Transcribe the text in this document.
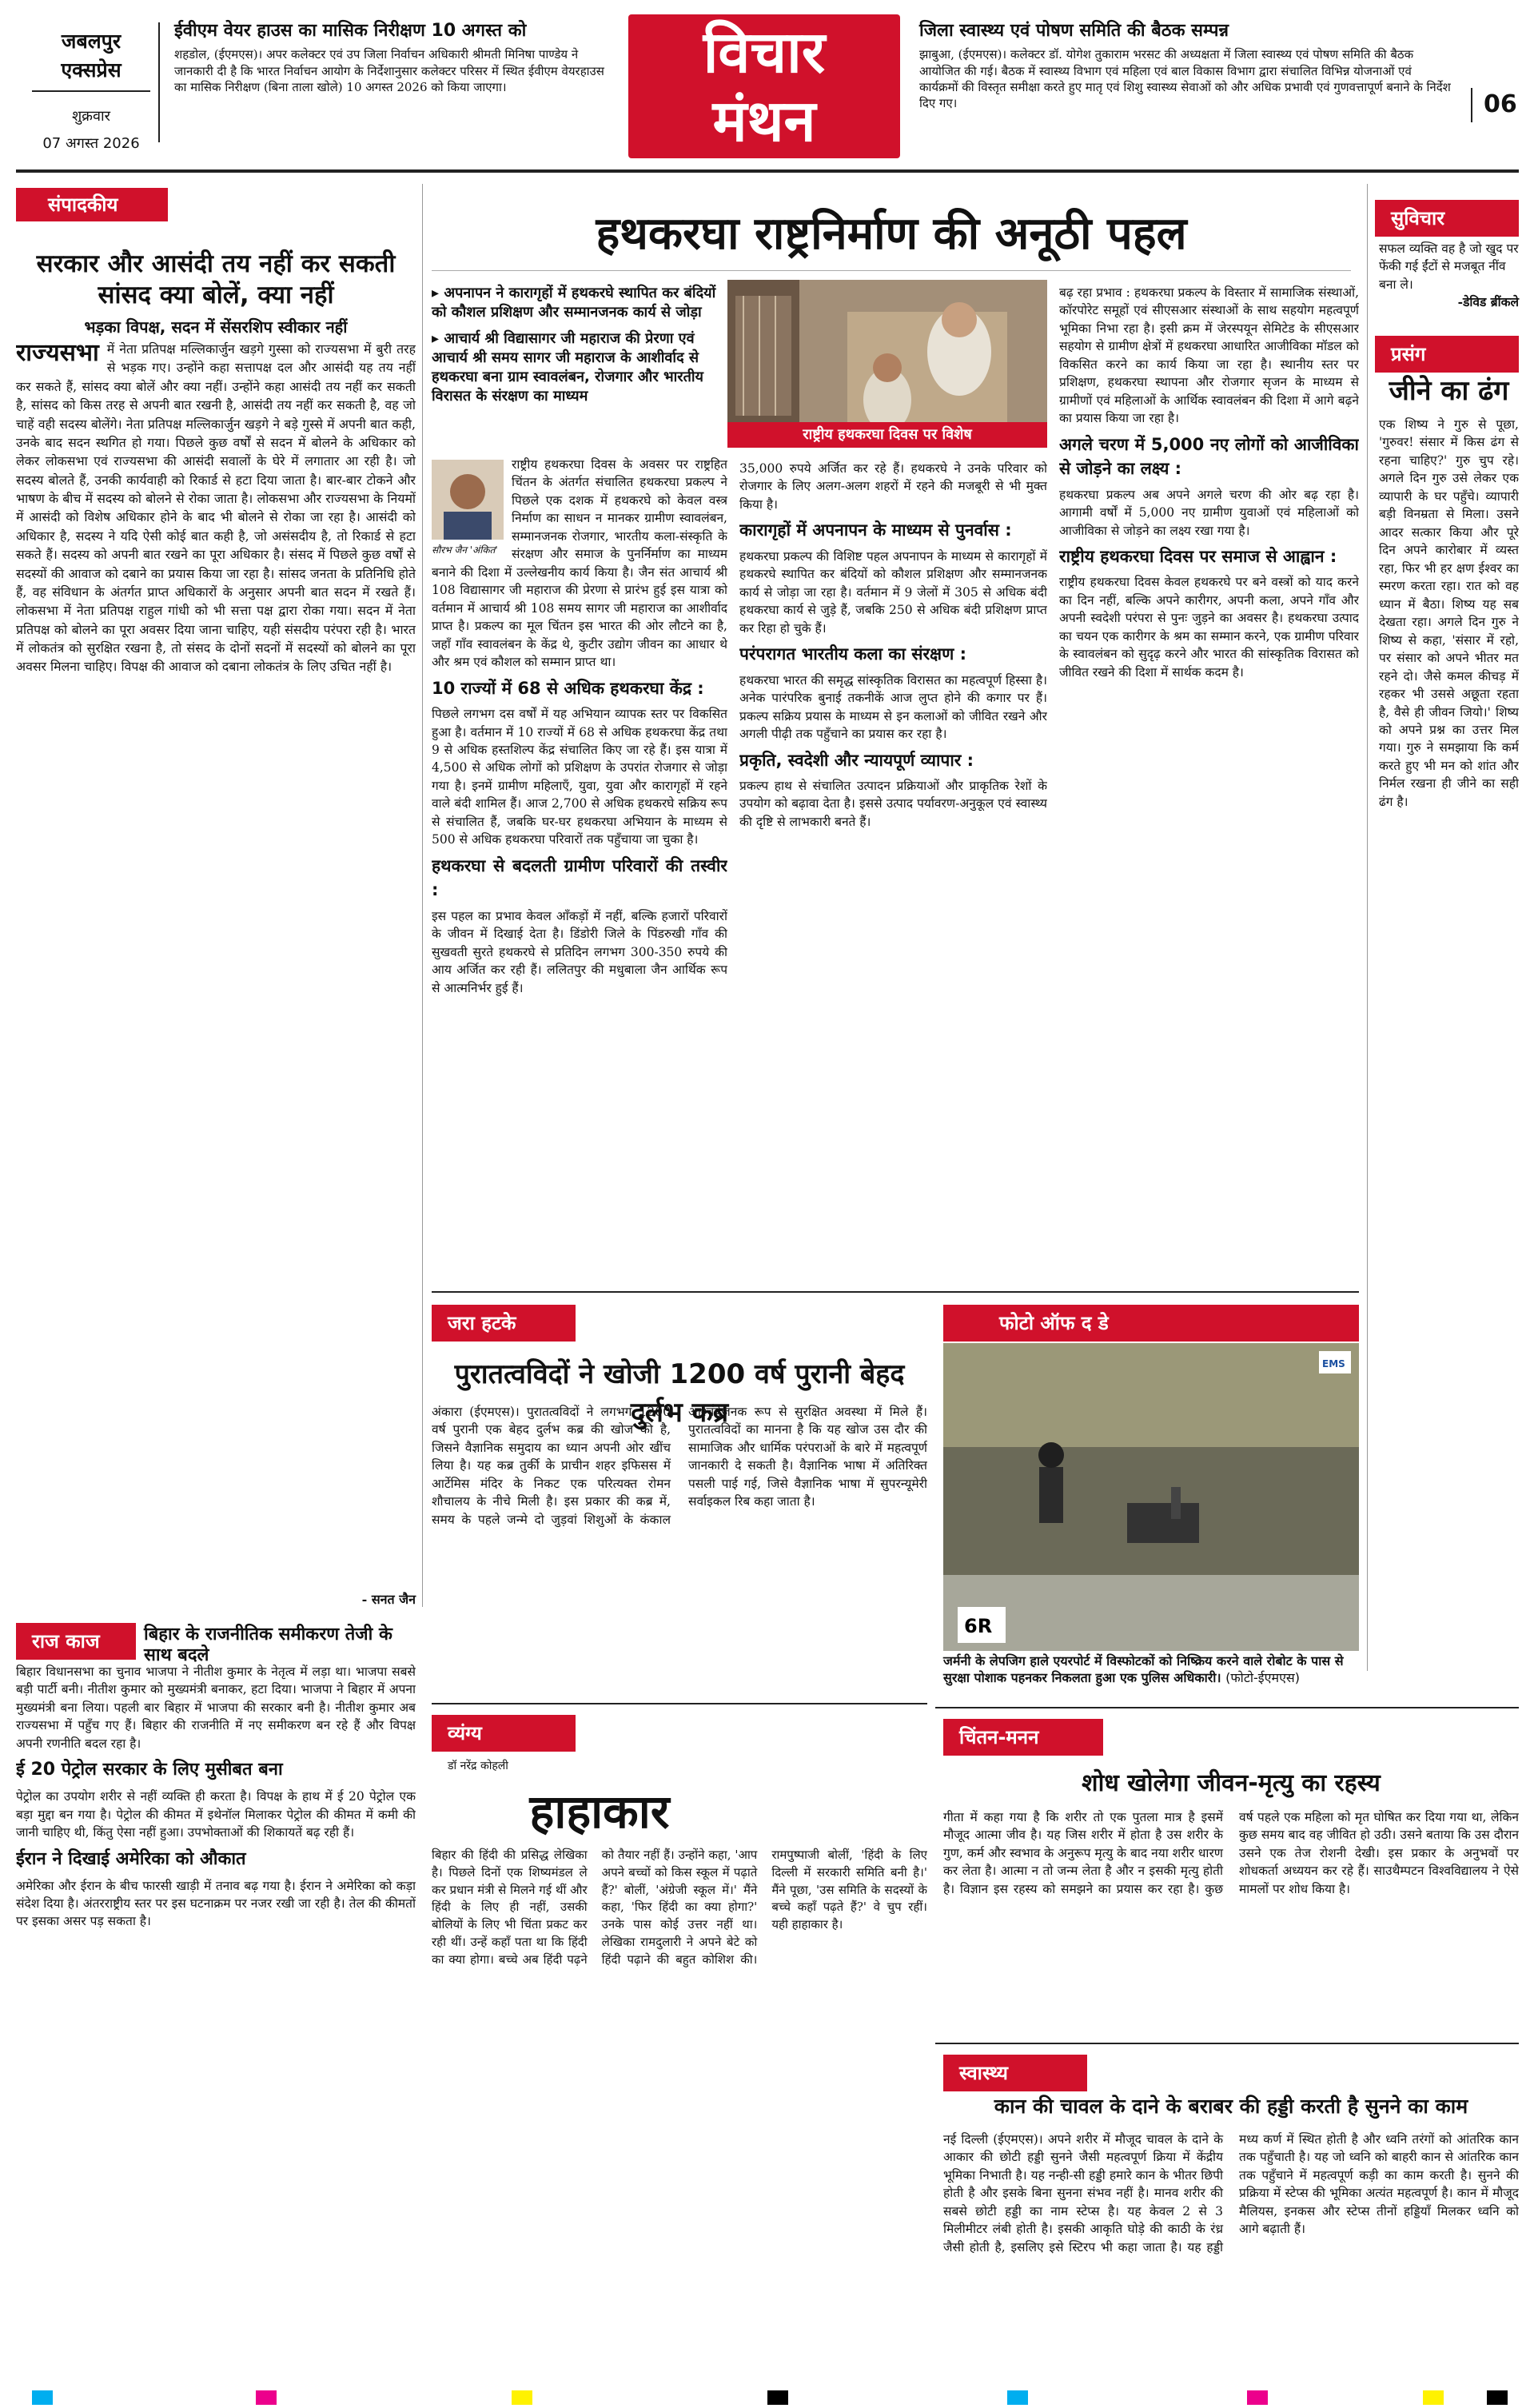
जबलपुर एक्सप्रेस
शुक्रवार
07 अगस्त 2026
ईवीएम वेयर हाउस का मासिक निरीक्षण 10 अगस्त को

शहडोल, (ईएमएस)। अपर कलेक्टर एवं उप जिला निर्वाचन अधिकारी श्रीमती मिनिषा पाण्डेय ने जानकारी दी है कि भारत निर्वाचन आयोग के निर्देशानुसार कलेक्टर परिसर में स्थित ईवीएम वेयरहाउस का मासिक निरीक्षण (बिना ताला खोले) 10 अगस्त 2026 को किया जाएगा।

विचार
मंथन
जिला स्वास्थ्य एवं पोषण समिति की बैठक सम्पन्न

झाबुआ, (ईएमएस)। कलेक्टर डॉ. योगेश तुकाराम भरसट की अध्यक्षता में जिला स्वास्थ्य एवं पोषण समिति की बैठक आयोजित की गई। बैठक में स्वास्थ्य विभाग एवं महिला एवं बाल विकास विभाग द्वारा संचालित विभिन्न योजनाओं एवं कार्यक्रमों की विस्तृत समीक्षा करते हुए मातृ एवं शिशु स्वास्थ्य सेवाओं को और अधिक प्रभावी एवं गुणवत्तापूर्ण बनाने के निर्देश दिए गए।	06
संपादकीय
सरकार और आसंदी तय नहीं कर सकती सांसद क्या बोलें, क्या नहीं
भड़का विपक्ष, सदन में सेंसरशिप स्वीकार नहीं
राज्यसभा में नेता प्रतिपक्ष मल्लिकार्जुन खड़गे गुस्सा को राज्यसभा में बुरी तरह से भड़क गए। उन्होंने कहा सत्तापक्ष दल और आसंदी यह तय नहीं कर सकते हैं, सांसद क्या बोलें और क्या नहीं। उन्होंने कहा आसंदी तय नहीं कर सकती है, सांसद को किस तरह से अपनी बात रखनी है, आसंदी तय नहीं कर सकती है, वह जो चाहें वही सदस्य बोलेंगे। नेता प्रतिपक्ष मल्लिकार्जुन खड़गे ने बड़े गुस्से में अपनी बात कही, उनके बाद सदन स्थगित हो गया। पिछले कुछ वर्षों से सदन में बोलने के अधिकार को लेकर लोकसभा एवं राज्यसभा की आसंदी सवालों के घेरे में लगातार आ रही है। जो सदस्य बोलते हैं, उनकी कार्यवाही को रिकार्ड से हटा दिया जाता है। बार-बार टोकने और भाषण के बीच में सदस्य को बोलने से रोका जाता है। लोकसभा और राज्यसभा के नियमों में आसंदी को विशेष अधिकार होने के बाद भी बोलने से रोका जा रहा है। आसंदी को अधिकार है, सदस्य ने यदि ऐसी कोई बात कही है, जो असंसदीय है, तो रिकार्ड से हटा सकते हैं। सदस्य को अपनी बात रखने का पूरा अधिकार है। संसद में पिछले कुछ वर्षों से सदस्यों की आवाज को दबाने का प्रयास किया जा रहा है। सांसद जनता के प्रतिनिधि होते हैं, वह संविधान के अंतर्गत प्राप्त अधिकारों के अनुसार अपनी बात सदन में रखते हैं। लोकसभा में नेता प्रतिपक्ष राहुल गांधी को भी सत्ता पक्ष द्वारा रोका गया। सदन में नेता प्रतिपक्ष को बोलने का पूरा अवसर दिया जाना चाहिए, यही संसदीय परंपरा रही है। भारत में लोकतंत्र को सुरक्षित रखना है, तो संसद के दोनों सदनों में सदस्यों को बोलने का पूरा अवसर मिलना चाहिए। विपक्ष की आवाज को दबाना लोकतंत्र के लिए उचित नहीं है।
- सनत जैन
हथकरघा राष्ट्रनिर्माण की अनूठी पहल
▸ अपनापन ने कारागृहों में हथकरघे स्थापित कर बंदियों को कौशल प्रशिक्षण और सम्मानजनक कार्य से जोड़ा
▸ आचार्य श्री विद्यासागर जी महाराज की प्रेरणा एवं आचार्य श्री समय सागर जी महाराज के आशीर्वाद से हथकरघा बना ग्राम स्वावलंबन, रोजगार और भारतीय विरासत के संरक्षण का माध्यम
राष्ट्रीय हथकरघा दिवस पर विशेष
सौरभ जैन 'अंकित'
राष्ट्रीय हथकरघा दिवस के अवसर पर राष्ट्रहित चिंतन के अंतर्गत संचालित हथकरघा प्रकल्प ने पिछले एक दशक में हथकरघे को केवल वस्त्र निर्माण का साधन न मानकर ग्रामीण स्वावलंबन, सम्मानजनक रोजगार, भारतीय कला-संस्कृति के संरक्षण और समाज के पुनर्निर्माण का माध्यम बनाने की दिशा में उल्लेखनीय कार्य किया है। जैन संत आचार्य श्री 108 विद्यासागर जी महाराज की प्रेरणा से प्रारंभ हुई इस यात्रा को वर्तमान में आचार्य श्री 108 समय सागर जी महाराज का आशीर्वाद प्राप्त है। प्रकल्प का मूल चिंतन इस भारत की ओर लौटने का है, जहाँ गाँव स्वावलंबन के केंद्र थे, कुटीर उद्योग जीवन का आधार थे और श्रम एवं कौशल को सम्मान प्राप्त था।
10 राज्यों में 68 से अधिक हथकरघा केंद्र :
पिछले लगभग दस वर्षों में यह अभियान व्यापक स्तर पर विकसित हुआ है। वर्तमान में 10 राज्यों में 68 से अधिक हथकरघा केंद्र तथा 9 से अधिक हस्तशिल्प केंद्र संचालित किए जा रहे हैं। इस यात्रा में 4,500 से अधिक लोगों को प्रशिक्षण के उपरांत रोजगार से जोड़ा गया है। इनमें ग्रामीण महिलाएँ, युवा, युवा और कारागृहों में रहने वाले बंदी शामिल हैं। आज 2,700 से अधिक हथकरघे सक्रिय रूप से संचालित हैं, जबकि घर-घर हथकरघा अभियान के माध्यम से 500 से अधिक हथकरघा परिवारों तक पहुँचाया जा चुका है।
हथकरघा से बदलती ग्रामीण परिवारों की तस्वीर :
इस पहल का प्रभाव केवल आँकड़ों में नहीं, बल्कि हजारों परिवारों के जीवन में दिखाई देता है। डिंडोरी जिले के पिंडरुखी गाँव की सुखवती सुरते हथकरघे से प्रतिदिन लगभग 300-350 रुपये की आय अर्जित कर रही हैं। ललितपुर की मधुबाला जैन आर्थिक रूप से आत्मनिर्भर हुई हैं।
35,000 रुपये अर्जित कर रहे हैं। हथकरघे ने उनके परिवार को रोजगार के लिए अलग-अलग शहरों में रहने की मजबूरी से भी मुक्त किया है।
कारागृहों में अपनापन के माध्यम से पुनर्वास :
हथकरघा प्रकल्प की विशिष्ट पहल अपनापन के माध्यम से कारागृहों में हथकरघे स्थापित कर बंदियों को कौशल प्रशिक्षण और सम्मानजनक कार्य से जोड़ा जा रहा है। वर्तमान में 9 जेलों में 305 से अधिक बंदी हथकरघा कार्य से जुड़े हैं, जबकि 250 से अधिक बंदी प्रशिक्षण प्राप्त कर रिहा हो चुके हैं।
परंपरागत भारतीय कला का संरक्षण :
हथकरघा भारत की समृद्ध सांस्कृतिक विरासत का महत्वपूर्ण हिस्सा है। अनेक पारंपरिक बुनाई तकनीकें आज लुप्त होने की कगार पर हैं। प्रकल्प सक्रिय प्रयास के माध्यम से इन कलाओं को जीवित रखने और अगली पीढ़ी तक पहुँचाने का प्रयास कर रहा है।
प्रकृति, स्वदेशी और न्यायपूर्ण व्यापार :
प्रकल्प हाथ से संचालित उत्पादन प्रक्रियाओं और प्राकृतिक रेशों के उपयोग को बढ़ावा देता है। इससे उत्पाद पर्यावरण-अनुकूल एवं स्वास्थ्य की दृष्टि से लाभकारी बनते हैं।
बढ़ रहा प्रभाव : हथकरघा प्रकल्प के विस्तार में सामाजिक संस्थाओं, कॉरपोरेट समूहों एवं सीएसआर संस्थाओं के साथ सहयोग महत्वपूर्ण भूमिका निभा रहा है। इसी क्रम में जेरस्पयून सेमिटेड के सीएसआर सहयोग से ग्रामीण क्षेत्रों में हथकरघा आधारित आजीविका मॉडल को विकसित करने का कार्य किया जा रहा है। स्थानीय स्तर पर प्रशिक्षण, हथकरघा स्थापना और रोजगार सृजन के माध्यम से ग्रामीणों एवं महिलाओं के आर्थिक स्वावलंबन की दिशा में आगे बढ़ने का प्रयास किया जा रहा है।
अगले चरण में 5,000 नए लोगों को आजीविका से जोड़ने का लक्ष्य :
हथकरघा प्रकल्प अब अपने अगले चरण की ओर बढ़ रहा है। आगामी वर्षों में 5,000 नए ग्रामीण युवाओं एवं महिलाओं को आजीविका से जोड़ने का लक्ष्य रखा गया है।
राष्ट्रीय हथकरघा दिवस पर समाज से आह्वान :
राष्ट्रीय हथकरघा दिवस केवल हथकरघे पर बने वस्त्रों को याद करने का दिन नहीं, बल्कि अपने कारीगर, अपनी कला, अपने गाँव और अपनी स्वदेशी परंपरा से पुनः जुड़ने का अवसर है। हथकरघा उत्पाद का चयन एक कारीगर के श्रम का सम्मान करने, एक ग्रामीण परिवार के स्वावलंबन को सुदृढ़ करने और भारत की सांस्कृतिक विरासत को जीवित रखने की दिशा में सार्थक कदम है।
सुविचार
सफल व्यक्ति वह है जो खुद पर फेंकी गई ईंटों से मजबूत नींव बना ले।
-डेविड ब्रींकले
प्रसंग
जीने का ढंग
एक शिष्य ने गुरु से पूछा, 'गुरुवर! संसार में किस ढंग से रहना चाहिए?' गुरु चुप रहे। अगले दिन गुरु उसे लेकर एक व्यापारी के घर पहुँचे। व्यापारी बड़ी विनम्रता से मिला। उसने आदर सत्कार किया और पूरे दिन अपने कारोबार में व्यस्त रहा, फिर भी हर क्षण ईश्वर का स्मरण करता रहा। रात को वह ध्यान में बैठा। शिष्य यह सब देखता रहा। अगले दिन गुरु ने शिष्य से कहा, 'संसार में रहो, पर संसार को अपने भीतर मत रहने दो। जैसे कमल कीचड़ में रहकर भी उससे अछूता रहता है, वैसे ही जीवन जियो।' शिष्य को अपने प्रश्न का उत्तर मिल गया। गुरु ने समझाया कि कर्म करते हुए भी मन को शांत और निर्मल रखना ही जीने का सही ढंग है।
राज काज	बिहार के राजनीतिक समीकरण तेजी के साथ बदले
बिहार विधानसभा का चुनाव भाजपा ने नीतीश कुमार के नेतृत्व में लड़ा था। भाजपा सबसे बड़ी पार्टी बनी। नीतीश कुमार को मुख्यमंत्री बनाकर, हटा दिया। भाजपा ने बिहार में अपना मुख्यमंत्री बना लिया। पहली बार बिहार में भाजपा की सरकार बनी है। नीतीश कुमार अब राज्यसभा में पहुँच गए हैं। बिहार की राजनीति में नए समीकरण बन रहे हैं और विपक्ष अपनी रणनीति बदल रहा है।
ई 20 पेट्रोल सरकार के लिए मुसीबत बना
पेट्रोल का उपयोग शरीर से नहीं व्यक्ति ही करता है। विपक्ष के हाथ में ई 20 पेट्रोल एक बड़ा मुद्दा बन गया है। पेट्रोल की कीमत में इथेनॉल मिलाकर पेट्रोल की कीमत में कमी की जानी चाहिए थी, किंतु ऐसा नहीं हुआ। उपभोक्ताओं की शिकायतें बढ़ रही हैं।
ईरान ने दिखाई अमेरिका को औकात
अमेरिका और ईरान के बीच फारसी खाड़ी में तनाव बढ़ गया है। ईरान ने अमेरिका को कड़ा संदेश दिया है। अंतरराष्ट्रीय स्तर पर इस घटनाक्रम पर नजर रखी जा रही है। तेल की कीमतों पर इसका असर पड़ सकता है।
जरा हटके
पुरातत्वविदों ने खोजी 1200 वर्ष पुरानी बेहद दुर्लभ कब्र
अंकारा (ईएमएस)। पुरातत्वविदों ने लगभग 1200 वर्ष पुरानी एक बेहद दुर्लभ कब्र की खोज की है, जिसने वैज्ञानिक समुदाय का ध्यान अपनी ओर खींच लिया है। यह कब्र तुर्की के प्राचीन शहर इफिसस में आर्टेमिस मंदिर के निकट एक परित्यक्त रोमन शौचालय के नीचे मिली है। इस प्रकार की कब्र में, समय के पहले जन्मे दो जुड़वां शिशुओं के कंकाल आश्चर्यजनक रूप से सुरक्षित अवस्था में मिले हैं। पुरातत्वविदों का मानना है कि यह खोज उस दौर की सामाजिक और धार्मिक परंपराओं के बारे में महत्वपूर्ण जानकारी दे सकती है। वैज्ञानिक भाषा में अतिरिक्त पसली पाई गई, जिसे वैज्ञानिक भाषा में सुपरन्यूमेरी सर्वाइकल रिब कहा जाता है।
फोटो ऑफ द डे
6R
EMS
जर्मनी के लेपजिग हाले एयरपोर्ट में विस्फोटकों को निष्क्रिय करने वाले रोबोट के पास से सुरक्षा पोशाक पहनकर निकलता हुआ एक पुलिस अधिकारी। (फोटो-ईएमएस)
व्यंग्य
डॉ नरेंद्र कोहली
हाहाकार
बिहार की हिंदी की प्रसिद्ध लेखिका है। पिछले दिनों एक शिष्यमंडल ले कर प्रधान मंत्री से मिलने गई थीं और हिंदी के लिए ही नहीं, उसकी बोलियों के लिए भी चिंता प्रकट कर रही थीं। उन्हें कहाँ पता था कि हिंदी का क्या होगा। बच्चे अब हिंदी पढ़ने को तैयार नहीं हैं। उन्होंने कहा, 'आप अपने बच्चों को किस स्कूल में पढ़ाते हैं?' बोलीं, 'अंग्रेजी स्कूल में।' मैंने कहा, 'फिर हिंदी का क्या होगा?' उनके पास कोई उत्तर नहीं था। लेखिका रामदुलारी ने अपने बेटे को हिंदी पढ़ाने की बहुत कोशिश की। रामपुष्पाजी बोलीं, 'हिंदी के लिए दिल्ली में सरकारी समिति बनी है।' मैंने पूछा, 'उस समिति के सदस्यों के बच्चे कहाँ पढ़ते हैं?' वे चुप रहीं। यही हाहाकार है।
चिंतन-मनन
शोध खोलेगा जीवन-मृत्यु का रहस्य
गीता में कहा गया है कि शरीर तो एक पुतला मात्र है इसमें मौजूद आत्मा जीव है। यह जिस शरीर में होता है उस शरीर के गुण, कर्म और स्वभाव के अनुरूप मृत्यु के बाद नया शरीर धारण कर लेता है। आत्मा न तो जन्म लेता है और न इसकी मृत्यु होती है। विज्ञान इस रहस्य को समझने का प्रयास कर रहा है। कुछ वर्ष पहले एक महिला को मृत घोषित कर दिया गया था, लेकिन कुछ समय बाद वह जीवित हो उठी। उसने बताया कि उस दौरान उसने एक तेज रोशनी देखी। इस प्रकार के अनुभवों पर शोधकर्ता अध्ययन कर रहे हैं। साउथैम्पटन विश्वविद्यालय ने ऐसे मामलों पर शोध किया है।
स्वास्थ्य
कान की चावल के दाने के बराबर की हड्डी करती है सुनने का काम
नई दिल्ली (ईएमएस)। अपने शरीर में मौजूद चावल के दाने के आकार की छोटी हड्डी सुनने जैसी महत्वपूर्ण क्रिया में केंद्रीय भूमिका निभाती है। यह नन्ही-सी हड्डी हमारे कान के भीतर छिपी होती है और इसके बिना सुनना संभव नहीं है। मानव शरीर की सबसे छोटी हड्डी का नाम स्टेप्स है। यह केवल 2 से 3 मिलीमीटर लंबी होती है। इसकी आकृति घोड़े की काठी के रंध्र जैसी होती है, इसलिए इसे स्टिरप भी कहा जाता है। यह हड्डी मध्य कर्ण में स्थित होती है और ध्वनि तरंगों को आंतरिक कान तक पहुँचाती है। यह जो ध्वनि को बाहरी कान से आंतरिक कान तक पहुँचाने में महत्वपूर्ण कड़ी का काम करती है। सुनने की प्रक्रिया में स्टेप्स की भूमिका अत्यंत महत्वपूर्ण है। कान में मौजूद मैलियस, इनकस और स्टेप्स तीनों हड्डियाँ मिलकर ध्वनि को आगे बढ़ाती हैं।
